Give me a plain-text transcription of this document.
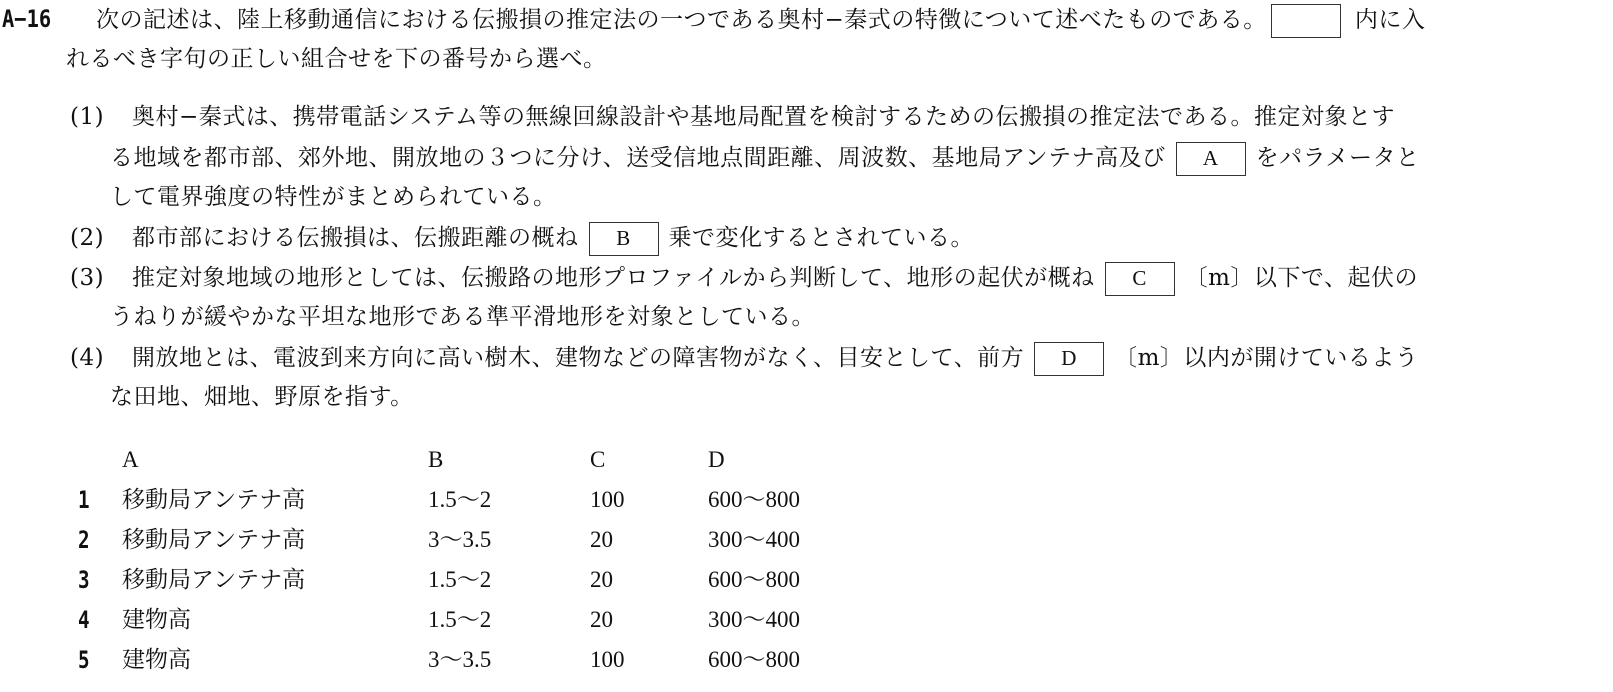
A−16 次の記述は、陸上移動通信における伝搬損の推定法の一つである奥村−秦式の特徴について述べたものである。	内に入
れるべき字句の正しい組合せを下の番号から選べ。
(1) 奥村−秦式は、携帯電話システム等の無線回線設計や基地局配置を検討するための伝搬損の推定法である。推定対象とす
る地域を都市部、郊外地、開放地の３つに分け、送受信地点間距離、周波数、基地局アンテナ高及び A をパラメータと
して電界強度の特性がまとめられている。
(2) 都市部における伝搬損は、伝搬距離の概ね B 乗で変化するとされている。
(3) 推定対象地域の地形としては、伝搬路の地形プロファイルから判断して、地形の起伏が概ね C 〔m〕以下で、起伏の
うねりが緩やかな平坦な地形である準平滑地形を対象としている。
(4) 開放地とは、電波到来方向に高い樹木、建物などの障害物がなく、目安として、前方 D 〔m〕以内が開けているよう
な田地、畑地、野原を指す。
A	B	C	D
1 移動局アンテナ高	1.5～2	100	600～800
2 移動局アンテナ高	3～3.5	20	300～400
3 移動局アンテナ高	1.5～2	20	600～800
4 建物高	1.5～2	20	300～400
5 建物高	3～3.5	100	600～800
